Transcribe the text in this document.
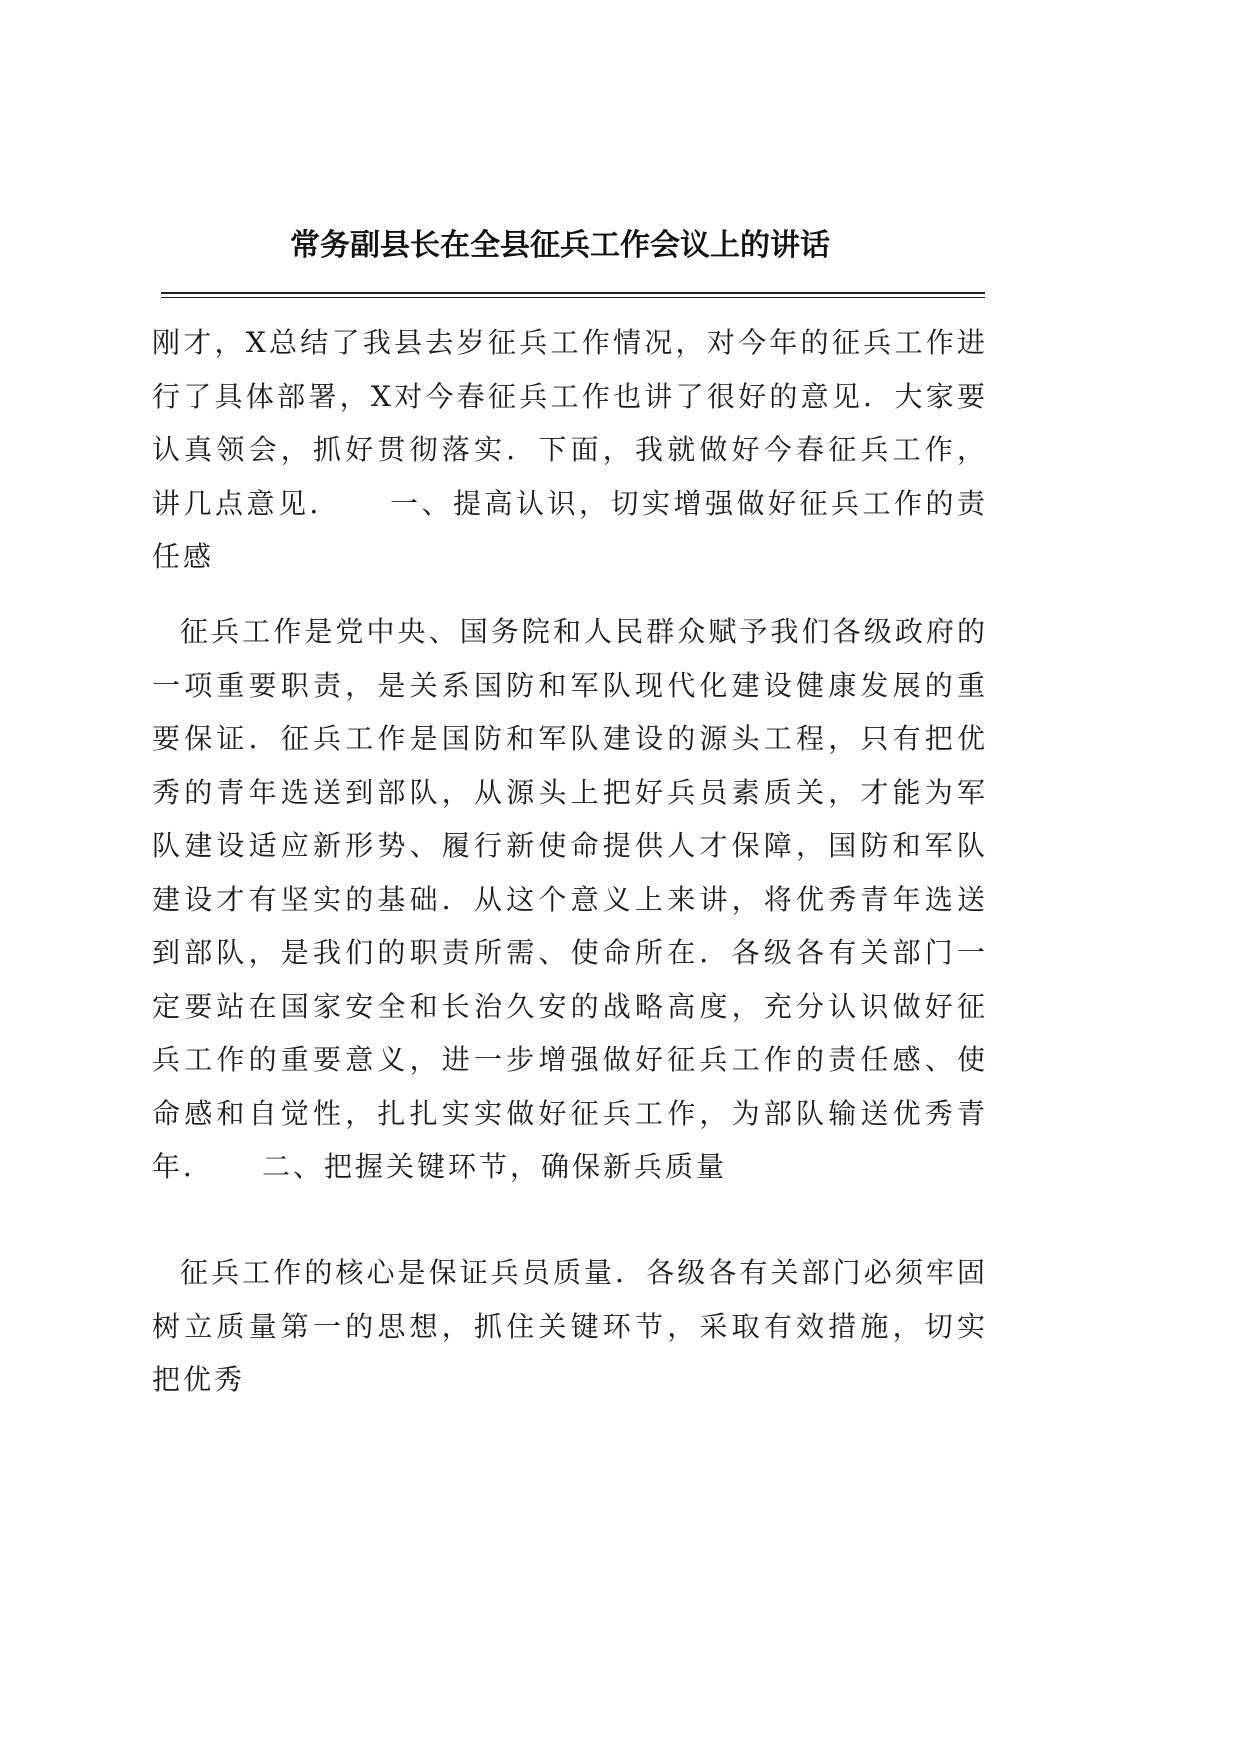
常务副县长在全县征兵工作会议上的讲话

刚才，X总结了我县去岁征兵工作情况，对今年的征兵工作进行了具体部署，X对今春征兵工作也讲了很好的意见．大家要认真领会，抓好贯彻落实．下面，我就做好今春征兵工作，讲几点意见．　　一、提高认识，切实增强做好征兵工作的责任感

征兵工作是党中央、国务院和人民群众赋予我们各级政府的一项重要职责，是关系国防和军队现代化建设健康发展的重要保证．征兵工作是国防和军队建设的源头工程，只有把优秀的青年选送到部队，从源头上把好兵员素质关，才能为军队建设适应新形势、履行新使命提供人才保障，国防和军队建设才有坚实的基础．从这个意义上来讲，将优秀青年选送到部队，是我们的职责所需、使命所在．各级各有关部门一定要站在国家安全和长治久安的战略高度，充分认识做好征兵工作的重要意义，进一步增强做好征兵工作的责任感、使命感和自觉性，扎扎实实做好征兵工作，为部队输送优秀青年．　　二、把握关键环节，确保新兵质量

征兵工作的核心是保证兵员质量．各级各有关部门必须牢固树立质量第一的思想，抓住关键环节，采取有效措施，切实把优秀
